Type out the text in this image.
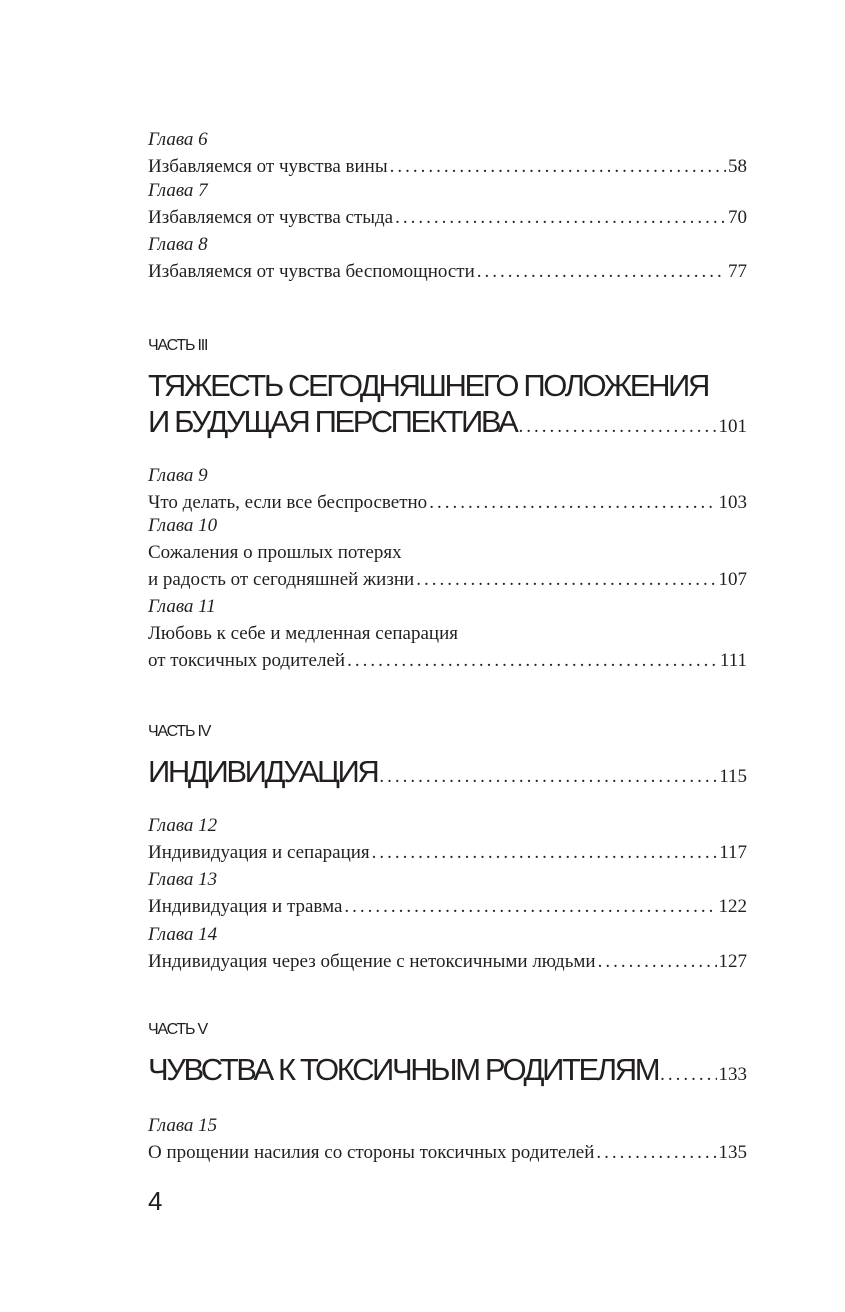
Глава 6
Избавляемся от чувства вины .....	58
Глава 7
Избавляемся от чувства стыда .....	70
Глава 8
Избавляемся от чувства беспомощности .....	77
ЧАСТЬ III
ТЯЖЕСТЬ СЕГОДНЯШНЕГО ПОЛОЖЕНИЯ
И БУДУЩАЯ ПЕРСПЕКТИВА .....	101
Глава 9
Что делать, если все беспросветно .....	103
Глава 10
Сожаления о прошлых потерях
и радость от сегодняшней жизни .....	107
Глава 11
Любовь к себе и медленная сепарация
от токсичных родителей .....	111
ЧАСТЬ IV
ИНДИВИДУАЦИЯ .....	115
Глава 12
Индивидуация и сепарация .....	117
Глава 13
Индивидуация и травма .....	122
Глава 14
Индивидуация через общение с нетоксичными людьми .....	127
ЧАСТЬ V
ЧУВСТВА К ТОКСИЧНЫМ РОДИТЕЛЯМ .....	133
Глава 15
О прощении насилия со стороны токсичных родителей .....	135
4
